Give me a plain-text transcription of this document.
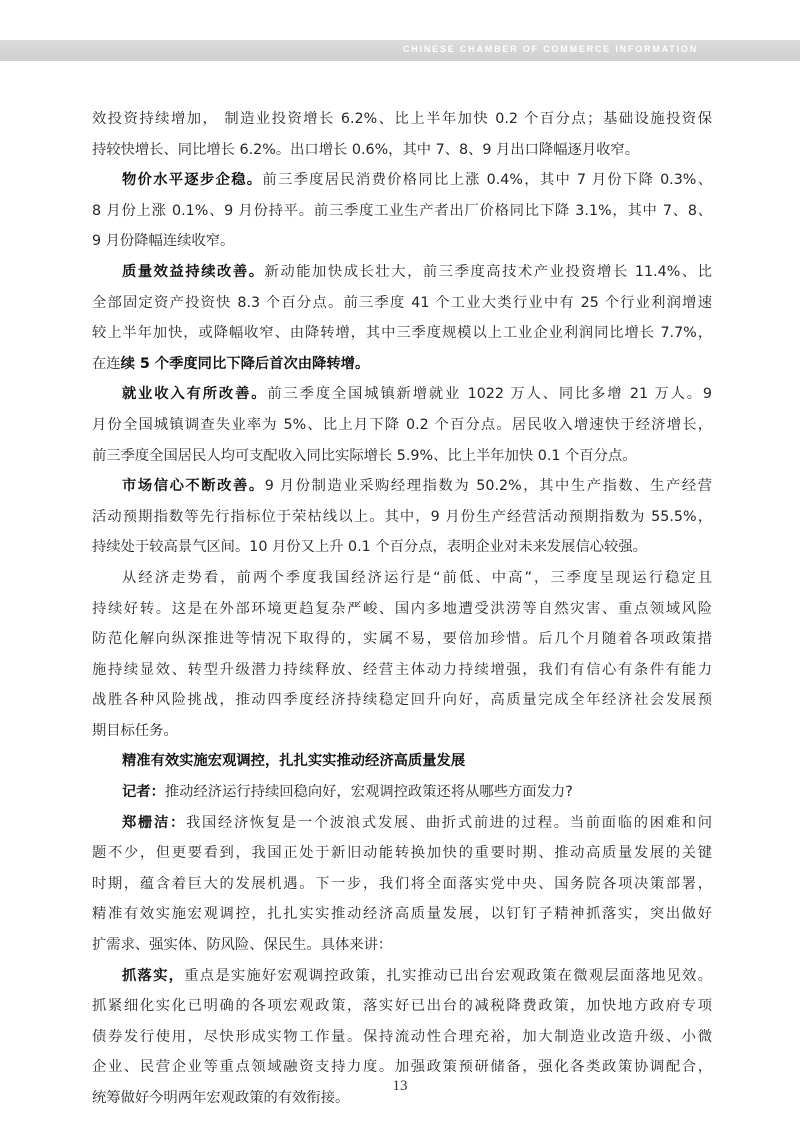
CHINESE CHAMBER OF COMMERCE INFORMATION
效投资持续增加， 制造业投资增长 6.2%、比上半年加快 0.2 个百分点；基础设施投资保
持较快增长、同比增长 6.2%。出口增长 0.6%，其中 7、8、9 月出口降幅逐月收窄。
物价水平逐步企稳。前三季度居民消费价格同比上涨 0.4%，其中 7 月份下降 0.3%、
8 月份上涨 0.1%、9 月份持平。前三季度工业生产者出厂价格同比下降 3.1%，其中 7、8、
9 月份降幅连续收窄。
质量效益持续改善。新动能加快成长壮大，前三季度高技术产业投资增长 11.4%、比
全部固定资产投资快 8.3 个百分点。前三季度 41 个工业大类行业中有 25 个行业利润增速
较上半年加快，或降幅收窄、由降转增，其中三季度规模以上工业企业利润同比增长 7.7%，
在连续 5 个季度同比下降后首次由降转增。
就业收入有所改善。前三季度全国城镇新增就业 1022 万人、同比多增 21 万人。9
月份全国城镇调查失业率为 5%、比上月下降 0.2 个百分点。居民收入增速快于经济增长，
前三季度全国居民人均可支配收入同比实际增长 5.9%、比上半年加快 0.1 个百分点。
市场信心不断改善。9 月份制造业采购经理指数为 50.2%，其中生产指数、生产经营
活动预期指数等先行指标位于荣枯线以上。其中，9 月份生产经营活动预期指数为 55.5%，
持续处于较高景气区间。10 月份又上升 0.1 个百分点，表明企业对未来发展信心较强。
从经济走势看，前两个季度我国经济运行是“前低、中高”，三季度呈现运行稳定且
持续好转。这是在外部环境更趋复杂严峻、国内多地遭受洪涝等自然灾害、重点领域风险
防范化解向纵深推进等情况下取得的，实属不易，要倍加珍惜。后几个月随着各项政策措
施持续显效、转型升级潜力持续释放、经营主体动力持续增强，我们有信心有条件有能力
战胜各种风险挑战，推动四季度经济持续稳定回升向好，高质量完成全年经济社会发展预
期目标任务。
精准有效实施宏观调控，扎扎实实推动经济高质量发展
记者：推动经济运行持续回稳向好，宏观调控政策还将从哪些方面发力?
郑栅洁：我国经济恢复是一个波浪式发展、曲折式前进的过程。当前面临的困难和问
题不少，但更要看到，我国正处于新旧动能转换加快的重要时期、推动高质量发展的关键
时期，蕴含着巨大的发展机遇。下一步，我们将全面落实党中央、国务院各项决策部署，
精准有效实施宏观调控，扎扎实实推动经济高质量发展，以钉钉子精神抓落实，突出做好
扩需求、强实体、防风险、保民生。具体来讲：
抓落实，重点是实施好宏观调控政策，扎实推动已出台宏观政策在微观层面落地见效。
抓紧细化实化已明确的各项宏观政策，落实好已出台的减税降费政策，加快地方政府专项
债券发行使用，尽快形成实物工作量。保持流动性合理充裕，加大制造业改造升级、小微
企业、民营企业等重点领域融资支持力度。加强政策预研储备，强化各类政策协调配合，
统筹做好今明两年宏观政策的有效衔接。
13
